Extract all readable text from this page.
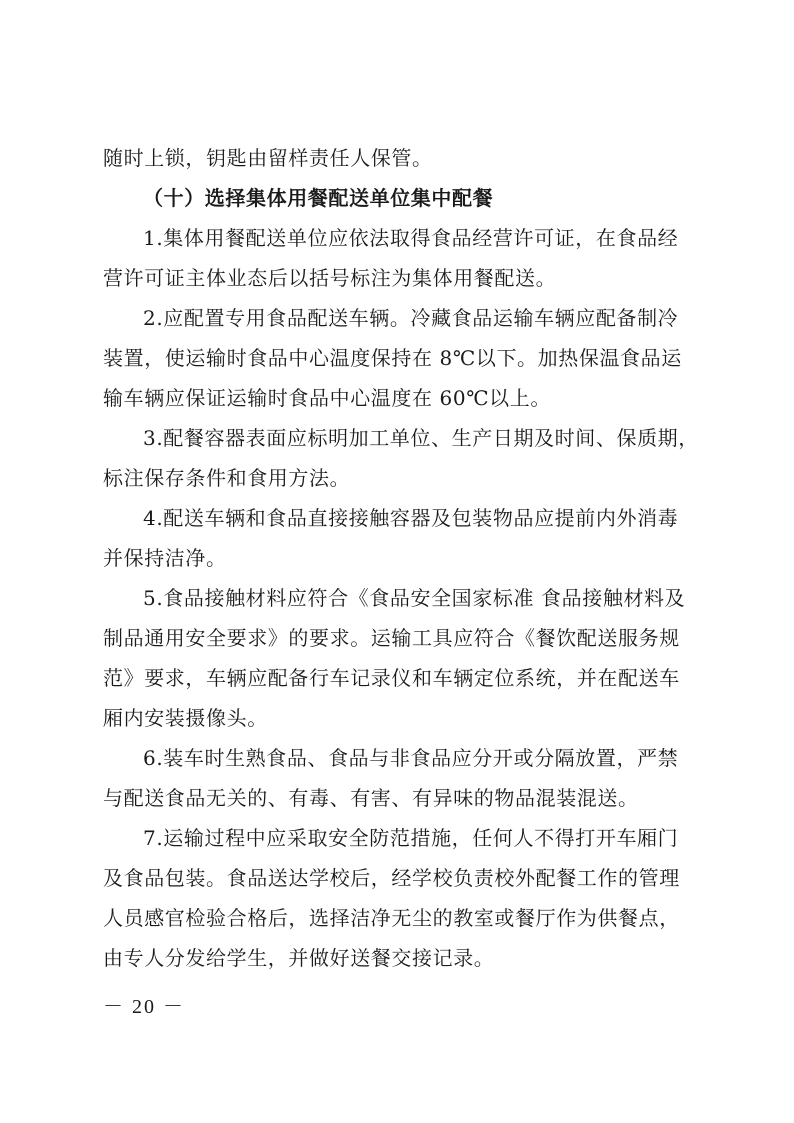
随时上锁，钥匙由留样责任人保管。
（十）选择集体用餐配送单位集中配餐
1.集体用餐配送单位应依法取得食品经营许可证，在食品经
营许可证主体业态后以括号标注为集体用餐配送。
2.应配置专用食品配送车辆。冷藏食品运输车辆应配备制冷
装置，使运输时食品中心温度保持在 8℃以下。加热保温食品运
输车辆应保证运输时食品中心温度在 60℃以上。
3.配餐容器表面应标明加工单位、生产日期及时间、保质期，
标注保存条件和食用方法。
4.配送车辆和食品直接接触容器及包装物品应提前内外消毒
并保持洁净。
5.食品接触材料应符合《食品安全国家标准 食品接触材料及
制品通用安全要求》的要求。运输工具应符合《餐饮配送服务规
范》要求，车辆应配备行车记录仪和车辆定位系统，并在配送车
厢内安装摄像头。
6.装车时生熟食品、食品与非食品应分开或分隔放置，严禁
与配送食品无关的、有毒、有害、有异味的物品混装混送。
7.运输过程中应采取安全防范措施，任何人不得打开车厢门
及食品包装。食品送达学校后，经学校负责校外配餐工作的管理
人员感官检验合格后，选择洁净无尘的教室或餐厅作为供餐点，
由专人分发给学生，并做好送餐交接记录。
－ 20 －
